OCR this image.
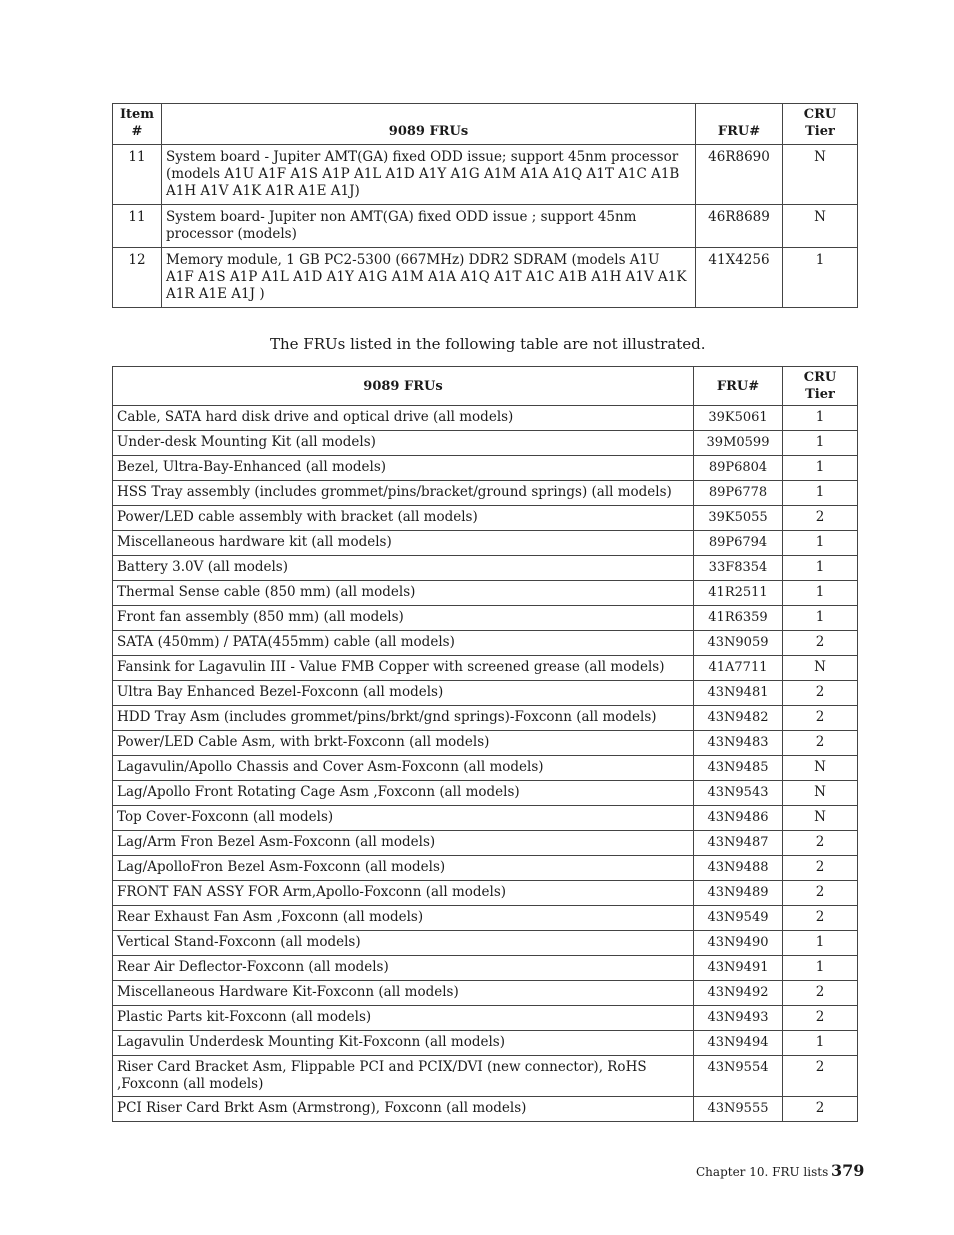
Item #	9089 FRUs	FRU#	CRU Tier
11	System board - Jupiter AMT(GA) fixed ODD issue; support 45nm processor (models A1U A1F A1S A1P A1L A1D A1Y A1G A1M A1A A1Q A1T A1C A1B A1H A1V A1K A1R A1E A1J)	46R8690	N
11	System board- Jupiter non AMT(GA) fixed ODD issue ; support 45nm processor (models)	46R8689	N
12	Memory module, 1 GB PC2-5300 (667MHz) DDR2 SDRAM (models A1U A1F A1S A1P A1L A1D A1Y A1G A1M A1A A1Q A1T A1C A1B A1H A1V A1K A1R A1E A1J )	41X4256	1
The FRUs listed in the following table are not illustrated.
9089 FRUs	FRU#	CRU Tier
Cable, SATA hard disk drive and optical drive (all models)	39K5061	1
Under-desk Mounting Kit (all models)	39M0599	1
Bezel, Ultra-Bay-Enhanced (all models)	89P6804	1
HSS Tray assembly (includes grommet/pins/bracket/ground springs) (all models)	89P6778	1
Power/LED cable assembly with bracket (all models)	39K5055	2
Miscellaneous hardware kit (all models)	89P6794	1
Battery 3.0V (all models)	33F8354	1
Thermal Sense cable (850 mm) (all models)	41R2511	1
Front fan assembly (850 mm) (all models)	41R6359	1
SATA (450mm) / PATA(455mm) cable (all models)	43N9059	2
Fansink for Lagavulin III - Value FMB Copper with screened grease (all models)	41A7711	N
Ultra Bay Enhanced Bezel-Foxconn (all models)	43N9481	2
HDD Tray Asm (includes grommet/pins/brkt/gnd springs)-Foxconn (all models)	43N9482	2
Power/LED Cable Asm, with brkt-Foxconn (all models)	43N9483	2
Lagavulin/Apollo Chassis and Cover Asm-Foxconn (all models)	43N9485	N
Lag/Apollo Front Rotating Cage Asm ,Foxconn (all models)	43N9543	N
Top Cover-Foxconn (all models)	43N9486	N
Lag/Arm Fron Bezel Asm-Foxconn (all models)	43N9487	2
Lag/ApolloFron Bezel Asm-Foxconn (all models)	43N9488	2
FRONT FAN ASSY FOR Arm,Apollo-Foxconn (all models)	43N9489	2
Rear Exhaust Fan Asm ,Foxconn (all models)	43N9549	2
Vertical Stand-Foxconn (all models)	43N9490	1
Rear Air Deflector-Foxconn (all models)	43N9491	1
Miscellaneous Hardware Kit-Foxconn (all models)	43N9492	2
Plastic Parts kit-Foxconn (all models)	43N9493	2
Lagavulin Underdesk Mounting Kit-Foxconn (all models)	43N9494	1
Riser Card Bracket Asm, Flippable PCI and PCIX/DVI (new connector), RoHS ,Foxconn (all models)	43N9554	2
PCI Riser Card Brkt Asm (Armstrong), Foxconn (all models)	43N9555	2
Chapter 10. FRU lists 379
